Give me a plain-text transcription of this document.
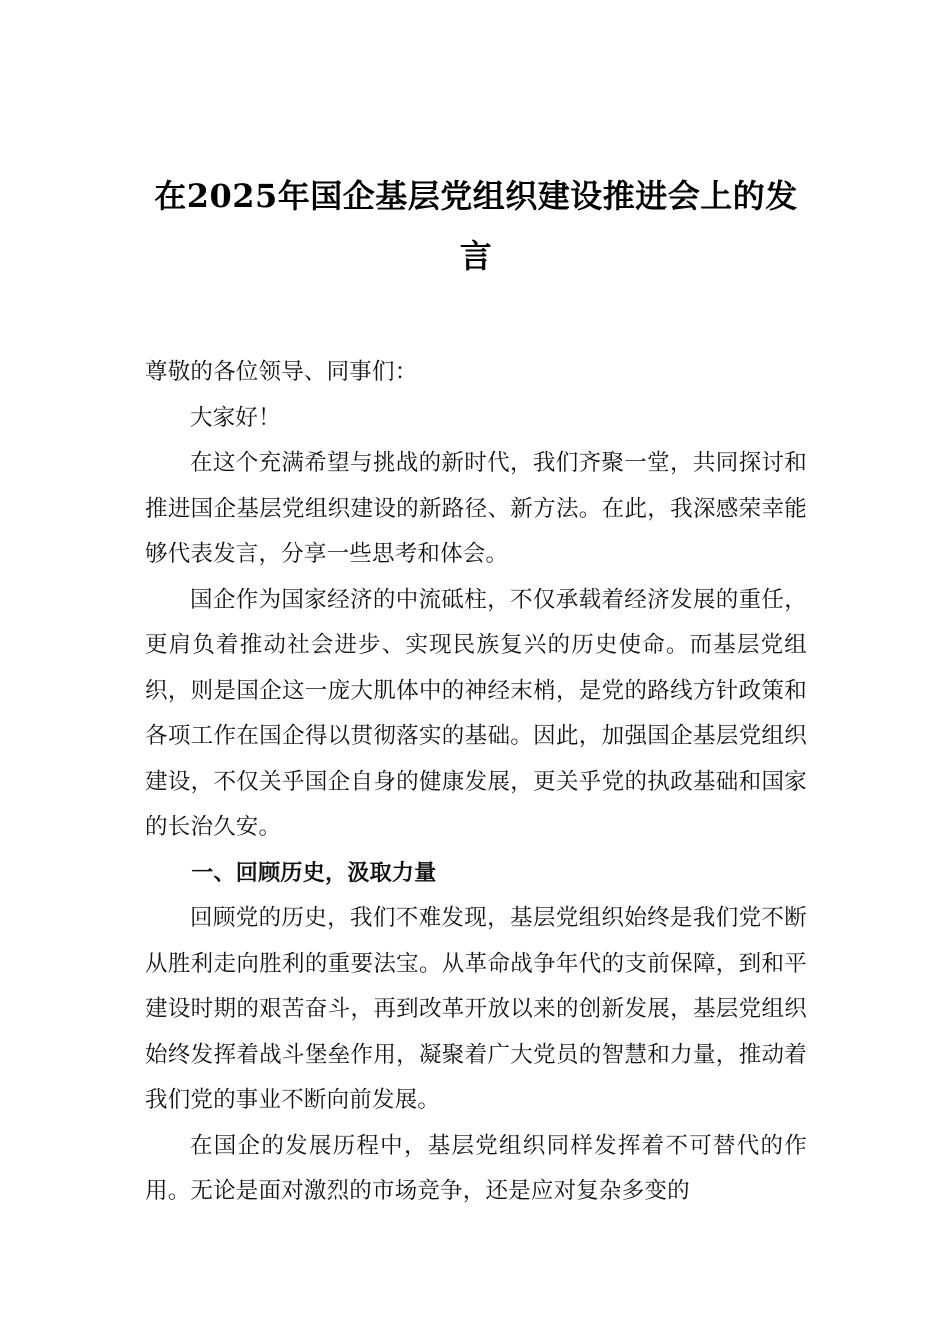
在2025年国企基层党组织建设推进会上的发言

尊敬的各位领导、同事们：

大家好！

在这个充满希望与挑战的新时代，我们齐聚一堂，共同探讨和推进国企基层党组织建设的新路径、新方法。在此，我深感荣幸能够代表发言，分享一些思考和体会。

国企作为国家经济的中流砥柱，不仅承载着经济发展的重任，更肩负着推动社会进步、实现民族复兴的历史使命。而基层党组织，则是国企这一庞大肌体中的神经末梢，是党的路线方针政策和各项工作在国企得以贯彻落实的基础。因此，加强国企基层党组织建设，不仅关乎国企自身的健康发展，更关乎党的执政基础和国家的长治久安。

一、回顾历史，汲取力量

回顾党的历史，我们不难发现，基层党组织始终是我们党不断从胜利走向胜利的重要法宝。从革命战争年代的支前保障，到和平建设时期的艰苦奋斗，再到改革开放以来的创新发展，基层党组织始终发挥着战斗堡垒作用，凝聚着广大党员的智慧和力量，推动着我们党的事业不断向前发展。

在国企的发展历程中，基层党组织同样发挥着不可替代的作用。无论是面对激烈的市场竞争，还是应对复杂多变的
